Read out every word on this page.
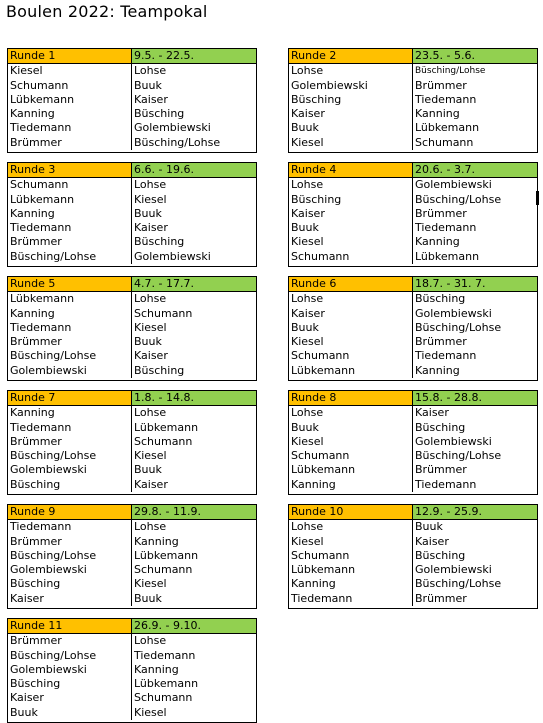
Boulen 2022: Teampokal
Runde 1	9.5. - 22.5.
Kiesel	Lohse
Schumann	Buuk
Lübkemann	Kaiser
Kanning	Büsching
Tiedemann	Golembiewski
Brümmer	Büsching/Lohse
Runde 2	23.5. - 5.6.
Lohse	Büsching/Lohse
Golembiewski	Brümmer
Büsching	Tiedemann
Kaiser	Kanning
Buuk	Lübkemann
Kiesel	Schumann
Runde 3	6.6. - 19.6.
Schumann	Lohse
Lübkemann	Kiesel
Kanning	Buuk
Tiedemann	Kaiser
Brümmer	Büsching
Büsching/Lohse	Golembiewski
Runde 4	20.6. - 3.7.
Lohse	Golembiewski
Büsching	Büsching/Lohse
Kaiser	Brümmer
Buuk	Tiedemann
Kiesel	Kanning
Schumann	Lübkemann
Runde 5	4.7. - 17.7.
Lübkemann	Lohse
Kanning	Schumann
Tiedemann	Kiesel
Brümmer	Buuk
Büsching/Lohse	Kaiser
Golembiewski	Büsching
Runde 6	18.7. - 31. 7.
Lohse	Büsching
Kaiser	Golembiewski
Buuk	Büsching/Lohse
Kiesel	Brümmer
Schumann	Tiedemann
Lübkemann	Kanning
Runde 7	1.8. - 14.8.
Kanning	Lohse
Tiedemann	Lübkemann
Brümmer	Schumann
Büsching/Lohse	Kiesel
Golembiewski	Buuk
Büsching	Kaiser
Runde 8	15.8. - 28.8.
Lohse	Kaiser
Buuk	Büsching
Kiesel	Golembiewski
Schumann	Büsching/Lohse
Lübkemann	Brümmer
Kanning	Tiedemann
Runde 9	29.8. - 11.9.
Tiedemann	Lohse
Brümmer	Kanning
Büsching/Lohse	Lübkemann
Golembiewski	Schumann
Büsching	Kiesel
Kaiser	Buuk
Runde 10	12.9. - 25.9.
Lohse	Buuk
Kiesel	Kaiser
Schumann	Büsching
Lübkemann	Golembiewski
Kanning	Büsching/Lohse
Tiedemann	Brümmer
Runde 11	26.9. - 9.10.
Brümmer	Lohse
Büsching/Lohse	Tiedemann
Golembiewski	Kanning
Büsching	Lübkemann
Kaiser	Schumann
Buuk	Kiesel
